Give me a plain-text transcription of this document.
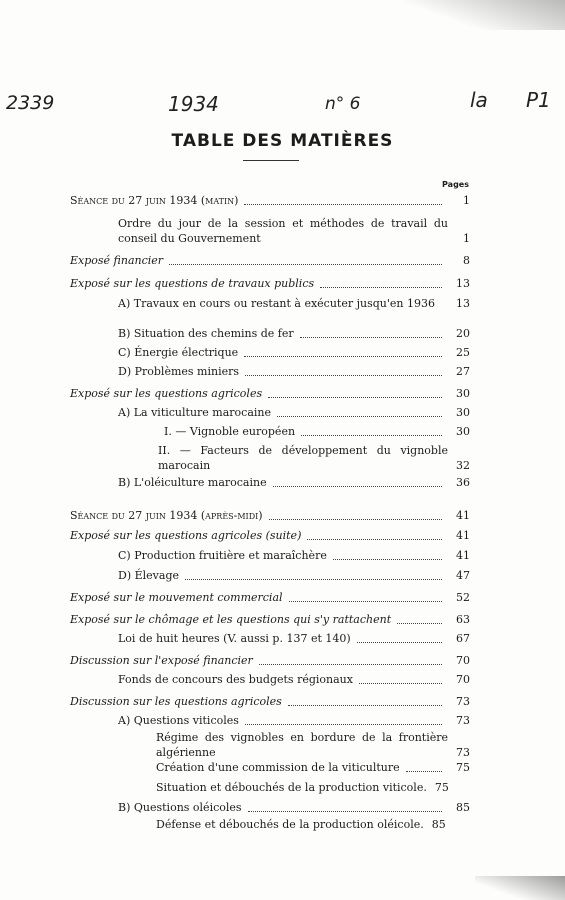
2339	1934	n° 6	la P1
TABLE DES MATIÈRES
Pages
Séance du 27 juin 1934 (matin)	1
Ordre du jour de la session et méthodes de travail du conseil du Gouvernement	1
Exposé financier	8
Exposé sur les questions de travaux publics	13
A) Travaux en cours ou restant à exécuter jusqu'en 1936	13
B) Situation des chemins de fer	20
C) Énergie électrique	25
D) Problèmes miniers	27
Exposé sur les questions agricoles	30
A) La viticulture marocaine	30
I. — Vignoble européen	30
II. — Facteurs de développement du vignoble marocain	32
B) L'oléiculture marocaine	36
Séance du 27 juin 1934 (après-midi)	41
Exposé sur les questions agricoles (suite)	41
C) Production fruitière et maraîchère	41
D) Élevage	47
Exposé sur le mouvement commercial	52
Exposé sur le chômage et les questions qui s'y rattachent	63
Loi de huit heures (V. aussi p. 137 et 140)	67
Discussion sur l'exposé financier	70
Fonds de concours des budgets régionaux	70
Discussion sur les questions agricoles	73
A) Questions viticoles	73
Régime des vignobles en bordure de la frontière algérienne	73
Création d'une commission de la viticulture	75
Situation et débouchés de la production viticole. 75
B) Questions oléicoles	85
Défense et débouchés de la production oléicole. 85
